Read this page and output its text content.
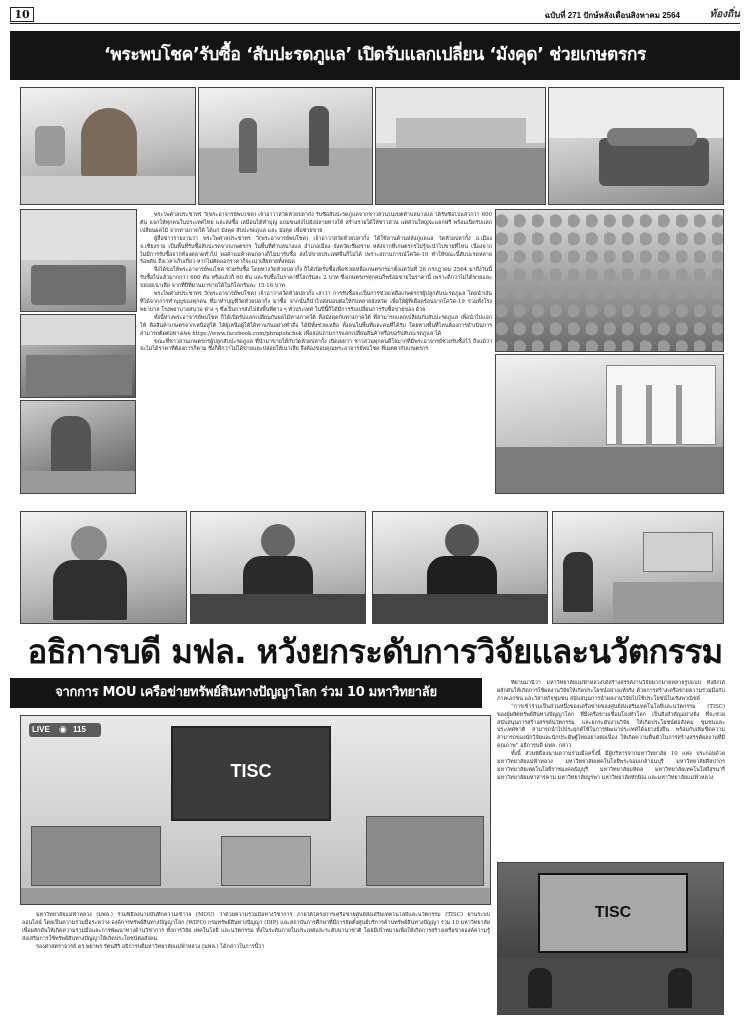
10	ฉบับที่ 271 ปักษ์หลังเดือนสิงหาคม 2564	ท้องถิ่น
‘พระพบโชค’รับซื้อ ‘สับปะรดภูแล’ เปิดรับแลกเปลี่ยน ‘มังคุด’ ช่วยเกษตรกร

พระไพศาลประชาทร วิ(พระอาจารย์พบโชค) เจ้าอาวาสวัดห้วยปลากั้ง รับซื้อสับปะรดภูแลจากชาวสวนในเขตตำบลนางแล ได้รับซื้อไปแล้วกว่า 600 ตัน แจกให้ทุกคนในประเทศไทย และส่งซื้อ เสมือนได้ทำบุญ แถมขนส่งไปยังปลายทางให้ สร้างรายได้ให้ชาวสวน แต่ส่วนใหญ่จะแจกฟรี พร้อมเปิดรับแลกเปลี่ยนผลไม้ จากทางภาคใต้ ได้แก่ มังคุด สับปะรดภูแล และ มังคุด เพื่อช่วยขาย

ผู้สื่อข่าวรายงานว่า พระไพศาลประชาทร วิ(พระอาจารย์พบโชค) เจ้าอาวาสวัดห้วยปลากั้ง ได้ใช้ลานด้านหลังภูแลแล วัดห้วยปลากั้ง อ.เมือง จ.เชียงราย เป็นพื้นที่รับซื้อสับปะรดจากเกษตรกร ในพื้นที่ตำบลนางแล อำเภอเมือง จังหวัดเชียงราย หลังจากที่เกษตรกรไม่รู้จะนำไปขายที่ไหน เนื่องจากไม่มีการรับซื้อจากท้องตลาดทั่วไป พ่อค้าแม่ค้าคนกลางก็ไม่มารับซื้อ ส่งไปขายประเทศจีนก็ไม่ได้ เพราะสถานการณ์โควิด-19 ทำให้ขณะนี้สับปะรดหลายร้อยตัน ถึงเวลาเก็บเกี่ยว หากไม่ตัดออกราคาก็จะเน่าเสียหายทั้งหมด

จึงได้ขอให้พระอาจารย์พบโชค ช่วยรับซื้อ โดยทางวัดห้วยปลากั้ง ก็ได้เปิดรับซื้อเพื่อช่วยเหลือเกษตรกรมาตั้งแต่วันที่ 26 กรกฎาคม 2564 มาถึงวันนี้รับซื้อไปแล้วมากกว่า 600 ตัน หรือแล้วก็ 60 ตัน และรับซื้อในราคาที่โลกรัมละ 2 บาท ซึ่งเกษตรกรทุกคนก็พร้อมขายในราคานี้ เพราะดีกว่าไม่ได้ขายและปล่อยเน่าเสีย จากที่ปีที่ผ่านมาขายได้ในกิโลกรัมละ 15-16 บาท

พระไพศาลประชาทร วิ(พระอาจารย์พบโชค) เจ้าอาวาสวัดห้วยปลากั้ง เล่าว่า การรับซื้อจะเป็นการช่วยเหลือเกษตรกรผู้ปลูกสับปะรดภูแล โดยนำเงินที่ได้จากการทำบุญของทุกคน ที่มาทำบุญที่วัดห้วยปลากั้ง มาซื้อ จากนั้นก็นำไปส่งมอบต่อให้กับหลายจังหวัด เพื่อให้ผู้ที่เดือดร้อนจากโควิด-19 รวมทั้งโรงพยาบาล โรงพยาบาลสนาม ต่าง ๆ ซึ่งเป็นการส่งไปยังพื้นที่ต่าง ๆ ทั่วประเทศ ในปีนี้ก็ได้มีการรับเปลี่ยนการรับซื้อขายของ ด้วย

ทั้งนี้ทางพระอาจารย์พบโชค ก็ได้เปิดรับแลกเปลี่ยนกับผลไม้ทางภาคใต้ คือมังคุดกับทางภาคใต้ ที่สามารถแลกเปลี่ยนกับสับปะรดภูแล เพื่อนำไปแจกให้ คือสินค้าเกษตรจากเหนือสู่ใต้ ได้ผู้เหนือผู้ใต้ได้ทานกันอย่างทั่วถึง ได้มีทั้งช่วยเหลือ ทั้งคนในพื้นที่และคนที่ได้รับ โดยทางพื้นที่ไหนต้องการดำเนินการ สามารถติดต่อทางเพจ https://www.facebook.com/phrapobchok เพื่อสอบถามการแลกเปลี่ยนสินค้าหรือขอรับสับปะรดภูแล ได้

ขณะที่ชาวสวนเกษตรกรผู้ปลูกสับปะรดภูแล ที่นำมาขายให้กับวัดห้วยปลากั้ง เปิดเผยว่า ชาวสวนทุกคนดีใจมากที่มีพระอาจารย์ช่วยรับซื้อไว้ ถึงแม้ว่าจะไม่ได้ราคาที่ต้องการก็ตาม ซึ่งก็ดีกว่าไม่ได้ขายและปล่อยให้เน่าเสีย จึงต้องขอบคุณพระอาจารย์พบโชค ที่เมตตากับเกษตรกร

อธิการบดี มฟล. หวังยกระดับการวิจัยและนวัตกรรม
จากการ MOU เครือข่ายทรัพย์สินทางปัญญาโลก ร่วม 10 มหาวิทยาลัย
LIVE ◉ 115
TISC

ที่ผ่านมานี้ว่า มหาวิทยาลัยแม่ฟ้าหลวงได้สร้างสรรค์งานวิจัยมากมายหลายรูปแบบ ทั้งยังได้ผลักดันให้เกิดการใช้ผลงานวิจัยให้เกิดประโยชน์อย่างแท้จริง ด้วยการสร้างเครือข่ายความร่วมมือกับภาคเอกชน และวิสาหกิจชุมชน สนับสนุนการนำผลงานวิจัยไปใช้ประโยชน์ในเชิงพาณิชย์

“การเข้าร่วมเป็นส่วนหนึ่งของเครือข่ายของศูนย์ส่งเสริมเทคโนโลยีและนวัตกรรม (TISC) ของผู้ผลิตทรัพย์สินทางปัญญาโลก ที่มีเครือข่ายเชื่อมโยงทั่วโลก เป็นสิ่งสำคัญอย่างยิ่ง ที่จะช่วยสนับสนุนการสร้างสรรค์นวัตกรรม และยกระดับงานวิจัย ให้เกิดประโยชน์ต่อสังคม ชุมชนและประเทศชาติ สามารถนำไปประยุกต์ใช้ในการพัฒนาประเทศได้อย่างยั่งยืน พร้อมกับเพิ่มขีดความสามารถของนักวิจัยและนักประดิษฐ์ไทยอย่างต่อเนื่อง ให้เกิดความตื่นตัวในการสร้างสรรค์ผลงานที่มีคุณภาพ” อธิการบดี มฟล. กล่าว

ทั้งนี้ ส่วนพิธีลงนามความร่วมมือครั้งนี้ มีผู้บริหารจากมหาวิทยาลัย 10 แห่ง ประกอบด้วย มหาวิทยาลัยแม่ฟ้าหลวง มหาวิทยาลัยเทคโนโลยีพระจอมเกล้าธนบุรี มหาวิทยาลัยศิลปากร มหาวิทยาลัยเทคโนโลยีราชมงคลธัญบุรี มหาวิทยาลัยมหิดล มหาวิทยาลัยเทคโนโลยีสุรนารี มหาวิทยาลัยมหาสารคาม มหาวิทยาลัยบูรพา มหาวิทยาลัยทักษิณ และมหาวิทยาลัยแม่ฟ้าหลวง

TISC

มหาวิทยาลัยแม่ฟ้าหลวง (มฟล.) ร่วมพิธีลงนามบันทึกความเข้าใจ (MOU) ว่าด้วยความร่วมมือทางวิชาการ ภายใต้โครงการเครือข่ายศูนย์ส่งเสริมเทคโนโลยีและนวัตกรรม (TISC) ผ่านระบบออนไลน์ โดยเป็นความร่วมมือระหว่าง องค์การทรัพย์สินทางปัญญาโลก (WIPO) กรมทรัพย์สินทางปัญญา (DIP) และสถาบันการศึกษาที่มีการจัดตั้งศูนย์บริการด้านทรัพย์สินทางปัญญา รวม 10 มหาวิทยาลัย เพื่อผลักดันให้เกิดความร่วมมือและการพัฒนาทางด้านวิชาการ ทั้งการวิจัย เทคโนโลยี และนวัตกรรม ทั้งในระดับภายในประเทศและระดับนานาชาติ โดยมีเป้าหมายเพื่อให้เกิดการสร้างเครือข่ายองค์ความรู้ ส่งเสริมการใช้ทรัพย์สินทางปัญญาให้เกิดประโยชน์ต่อสังคม

รองศาสตราจารย์ ดร.พยาพร รัตนสิริ อธิการบดีมหาวิทยาลัยแม่ฟ้าหลวง (มฟล.) ได้กล่าวในการนี้ว่า
